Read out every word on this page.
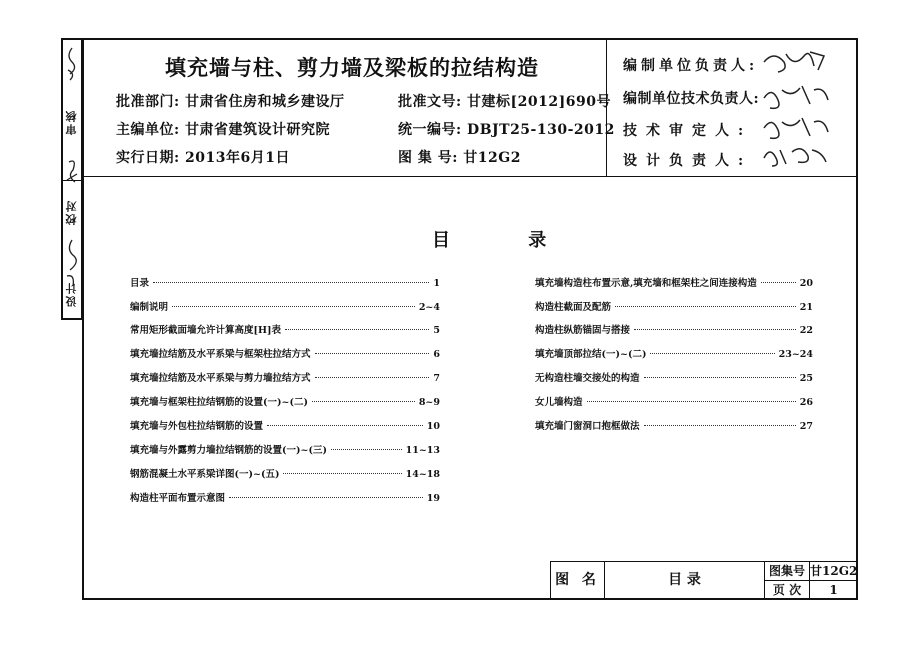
设计
校对
审核
填充墙与柱、剪力墙及梁板的拉结构造
批准部门: 甘肃省住房和城乡建设厅
主编单位: 甘肃省建筑设计研究院
实行日期: 2013年6月1日
批准文号: 甘建标[2012]690号
统一编号: DBJT25-130-2012
图 集 号: 甘12G2
编制单位负责人:
编制单位技术负责人:
技术审定人:
设计负责人:
目 录
目录	1
编制说明	2~4
常用矩形截面墙允许计算高度[H]表	5
填充墙拉结筋及水平系梁与框架柱拉结方式	6
填充墙拉结筋及水平系梁与剪力墙拉结方式	7
填充墙与框架柱拉结钢筋的设置(一)~(二)	8~9
填充墙与外包柱拉结钢筋的设置	10
填充墙与外露剪力墙拉结钢筋的设置(一)~(三)	11~13
钢筋混凝土水平系梁详图(一)~(五)	14~18
构造柱平面布置示意图	19
填充墙构造柱布置示意,填充墙和框架柱之间连接构造	20
构造柱截面及配筋	21
构造柱纵筋锚固与搭接	22
填充墙顶部拉结(一)~(二)	23~24
无构造柱墙交接处的构造	25
女儿墙构造	26
填充墙门窗洞口抱框做法	27
图 名	目 录
图集号 甘12G2
页 次	1
